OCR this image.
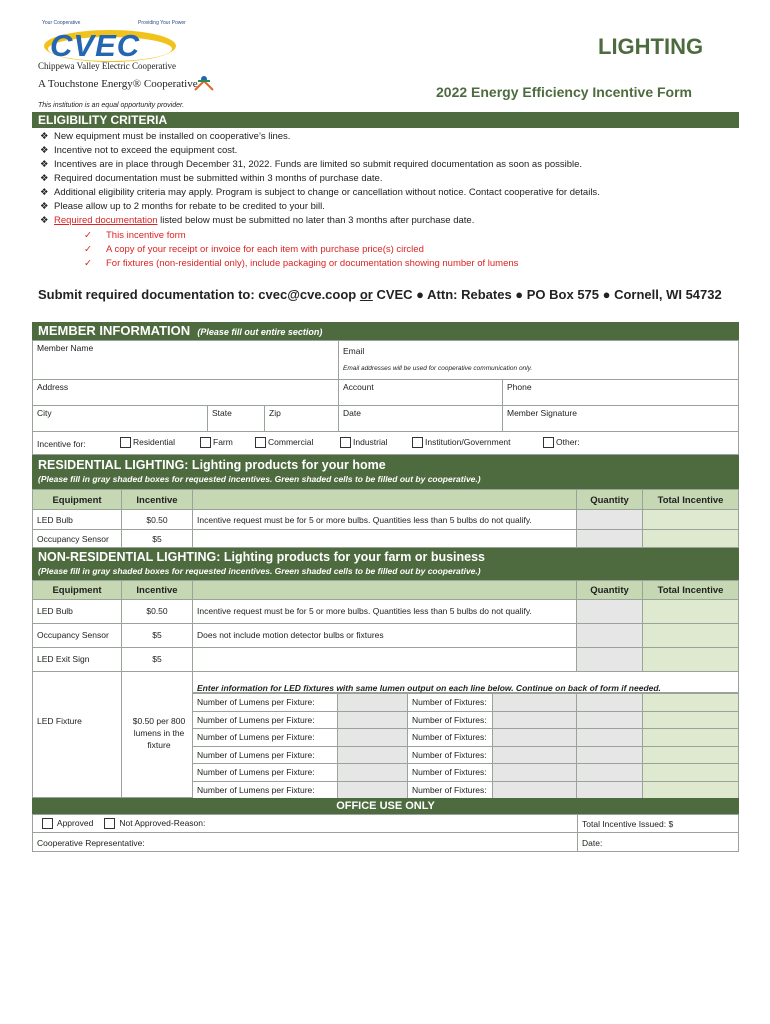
Your Cooperative	Providing Your Power
CVEC
Chippewa Valley Electric Cooperative
A Touchstone Energy® Cooperative
This institution is an equal opportunity provider.
LIGHTING
2022 Energy Efficiency Incentive Form
ELIGIBILITY CRITERIA
❖ New equipment must be installed on cooperative’s lines.
❖ Incentive not to exceed the equipment cost.
❖ Incentives are in place through December 31, 2022. Funds are limited so submit required documentation as soon as possible.
❖ Required documentation must be submitted within 3 months of purchase date.
❖ Additional eligibility criteria may apply. Program is subject to change or cancellation without notice. Contact cooperative for details.
❖ Please allow up to 2 months for rebate to be credited to your bill.
❖ Required documentation listed below must be submitted no later than 3 months after purchase date.
✓ This incentive form
✓ A copy of your receipt or invoice for each item with purchase price(s) circled
✓ For fixtures (non-residential only), include packaging or documentation showing number of lumens
Submit required documentation to: cvec@cve.coop or CVEC ● Attn: Rebates ● PO Box 575 ● Cornell, WI 54732
MEMBER INFORMATION (Please fill out entire section)
Member Name	Email
Email addresses will be used for cooperative communication only.
Address	Account	Phone
City	State	Zip	Date	Member Signature
Incentive for:	Residential	Farm	Commercial	Industrial	Institution/Government	Other:
RESIDENTIAL LIGHTING: Lighting products for your home
(Please fill in gray shaded boxes for requested incentives. Green shaded cells to be filled out by cooperative.)
Equipment	Incentive	Quantity	Total Incentive
LED Bulb	$0.50	Incentive request must be for 5 or more bulbs. Quantities less than 5 bulbs do not qualify.
Occupancy Sensor	$5
NON-RESIDENTIAL LIGHTING: Lighting products for your farm or business
(Please fill in gray shaded boxes for requested incentives. Green shaded cells to be filled out by cooperative.)
Equipment	Incentive	Quantity	Total Incentive
LED Bulb	$0.50	Incentive request must be for 5 or more bulbs. Quantities less than 5 bulbs do not qualify.
Occupancy Sensor	$5	Does not include motion detector bulbs or fixtures
LED Exit Sign	$5
LED Fixture	$0.50 per 800 lumens in the fixture
Enter information for LED fixtures with same lumen output on each line below. Continue on back of form if needed.
Number of Lumens per Fixture:	Number of Fixtures:
Number of Lumens per Fixture:	Number of Fixtures:
Number of Lumens per Fixture:	Number of Fixtures:
Number of Lumens per Fixture:	Number of Fixtures:
Number of Lumens per Fixture:	Number of Fixtures:
Number of Lumens per Fixture:	Number of Fixtures:
OFFICE USE ONLY
Approved	Not Approved-Reason:	Total Incentive Issued: $
Cooperative Representative:	Date:
